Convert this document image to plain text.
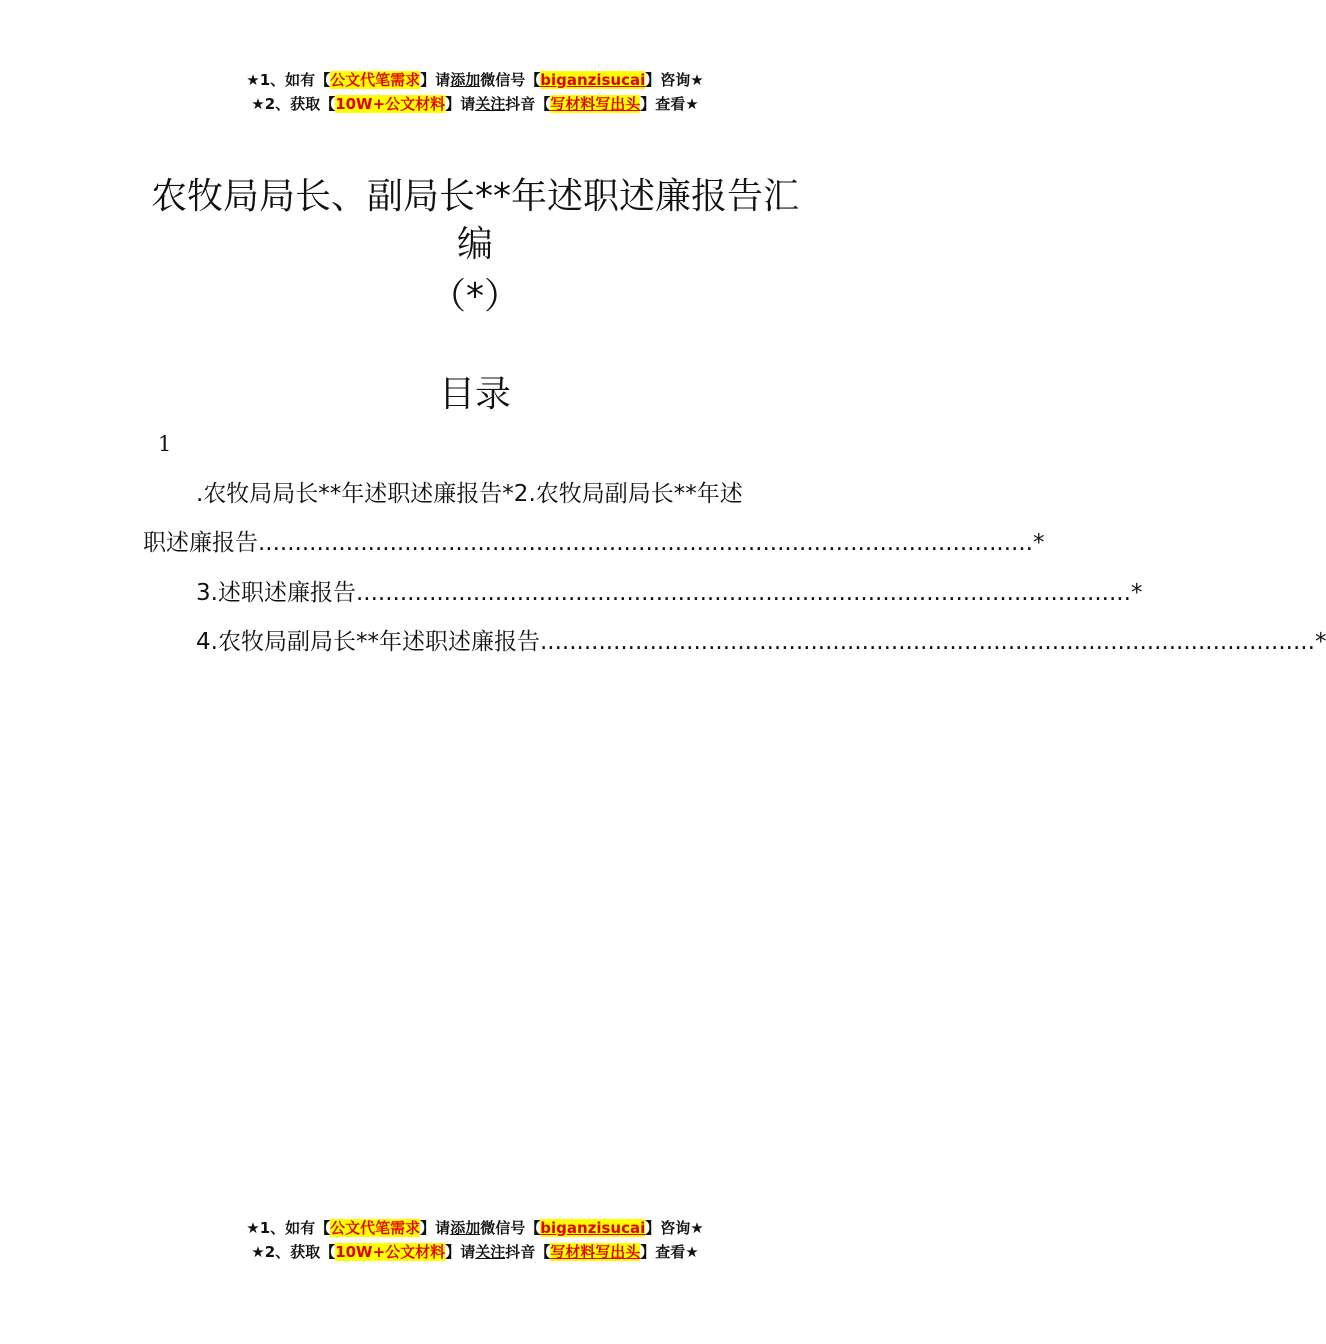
★1、如有【公文代笔需求】请添加微信号【biganzisucai】咨询★
★2、获取【10W+公文材料】请关注抖音【写材料写出头】查看★
农牧局局长、副局长**年述职述廉报告汇
编
（*）
目录
1
.农牧局局长**年述职述廉报告*2.农牧局副局长**年述
职述廉报告 .......................................................................................................... *
3.述职述廉报告 .......................................................................................................... *
4.农牧局副局长**年述职述廉报告 .......................................................................................................... *
★1、如有【公文代笔需求】请添加微信号【biganzisucai】咨询★
★2、获取【10W+公文材料】请关注抖音【写材料写出头】查看★
